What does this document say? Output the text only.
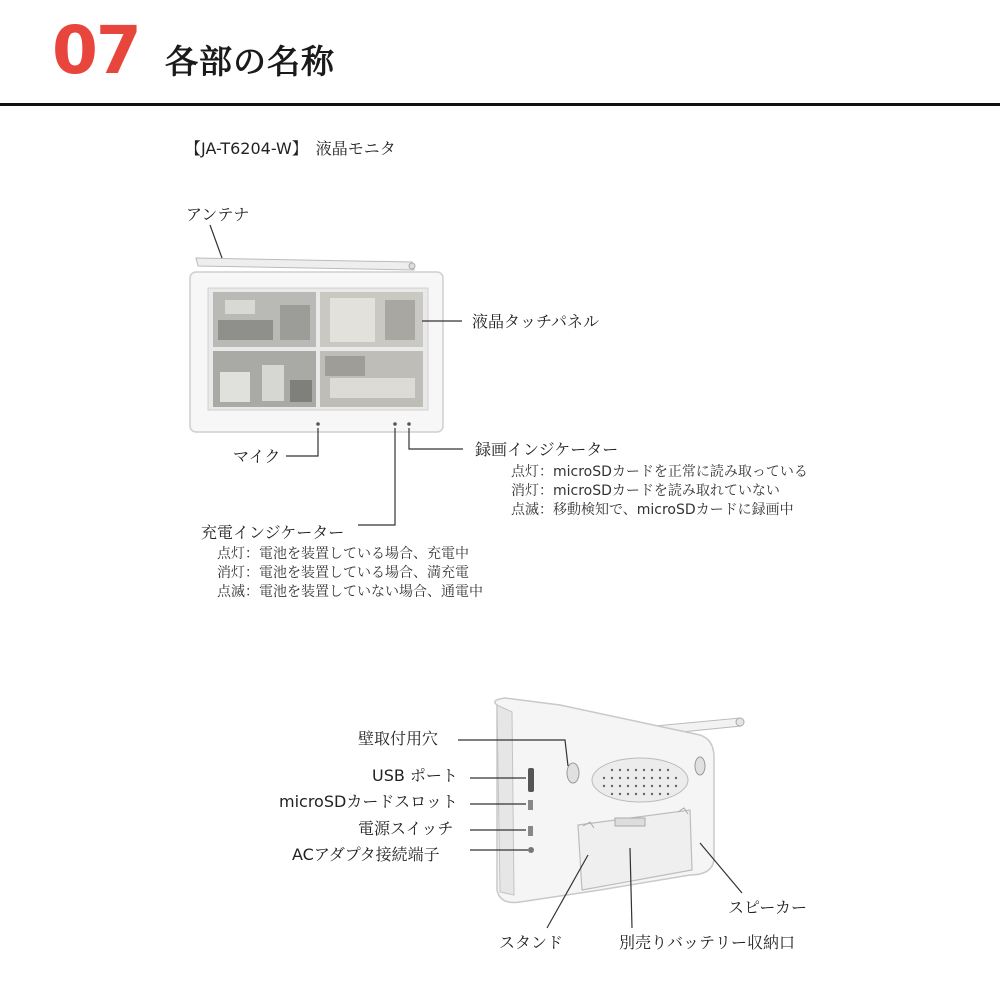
07 各部の名称
【JA-T6204-W】　液晶モニタ
アンテナ
液晶タッチパネル
マイク	録画インジケーター
点灯：microSDカードを正常に読み取っている
消灯：microSDカードを読み取れていない
点滅：移動検知で、microSDカードに録画中
充電インジケーター
点灯：電池を装置している場合、充電中
消灯：電池を装置している場合、満充電
点滅：電池を装置していない場合、通電中
壁取付用穴
USB ポート
microSDカードスロット
電源スイッチ
ACアダプタ接続端子
スピーカー
スタンド	別売りバッテリー収納口
